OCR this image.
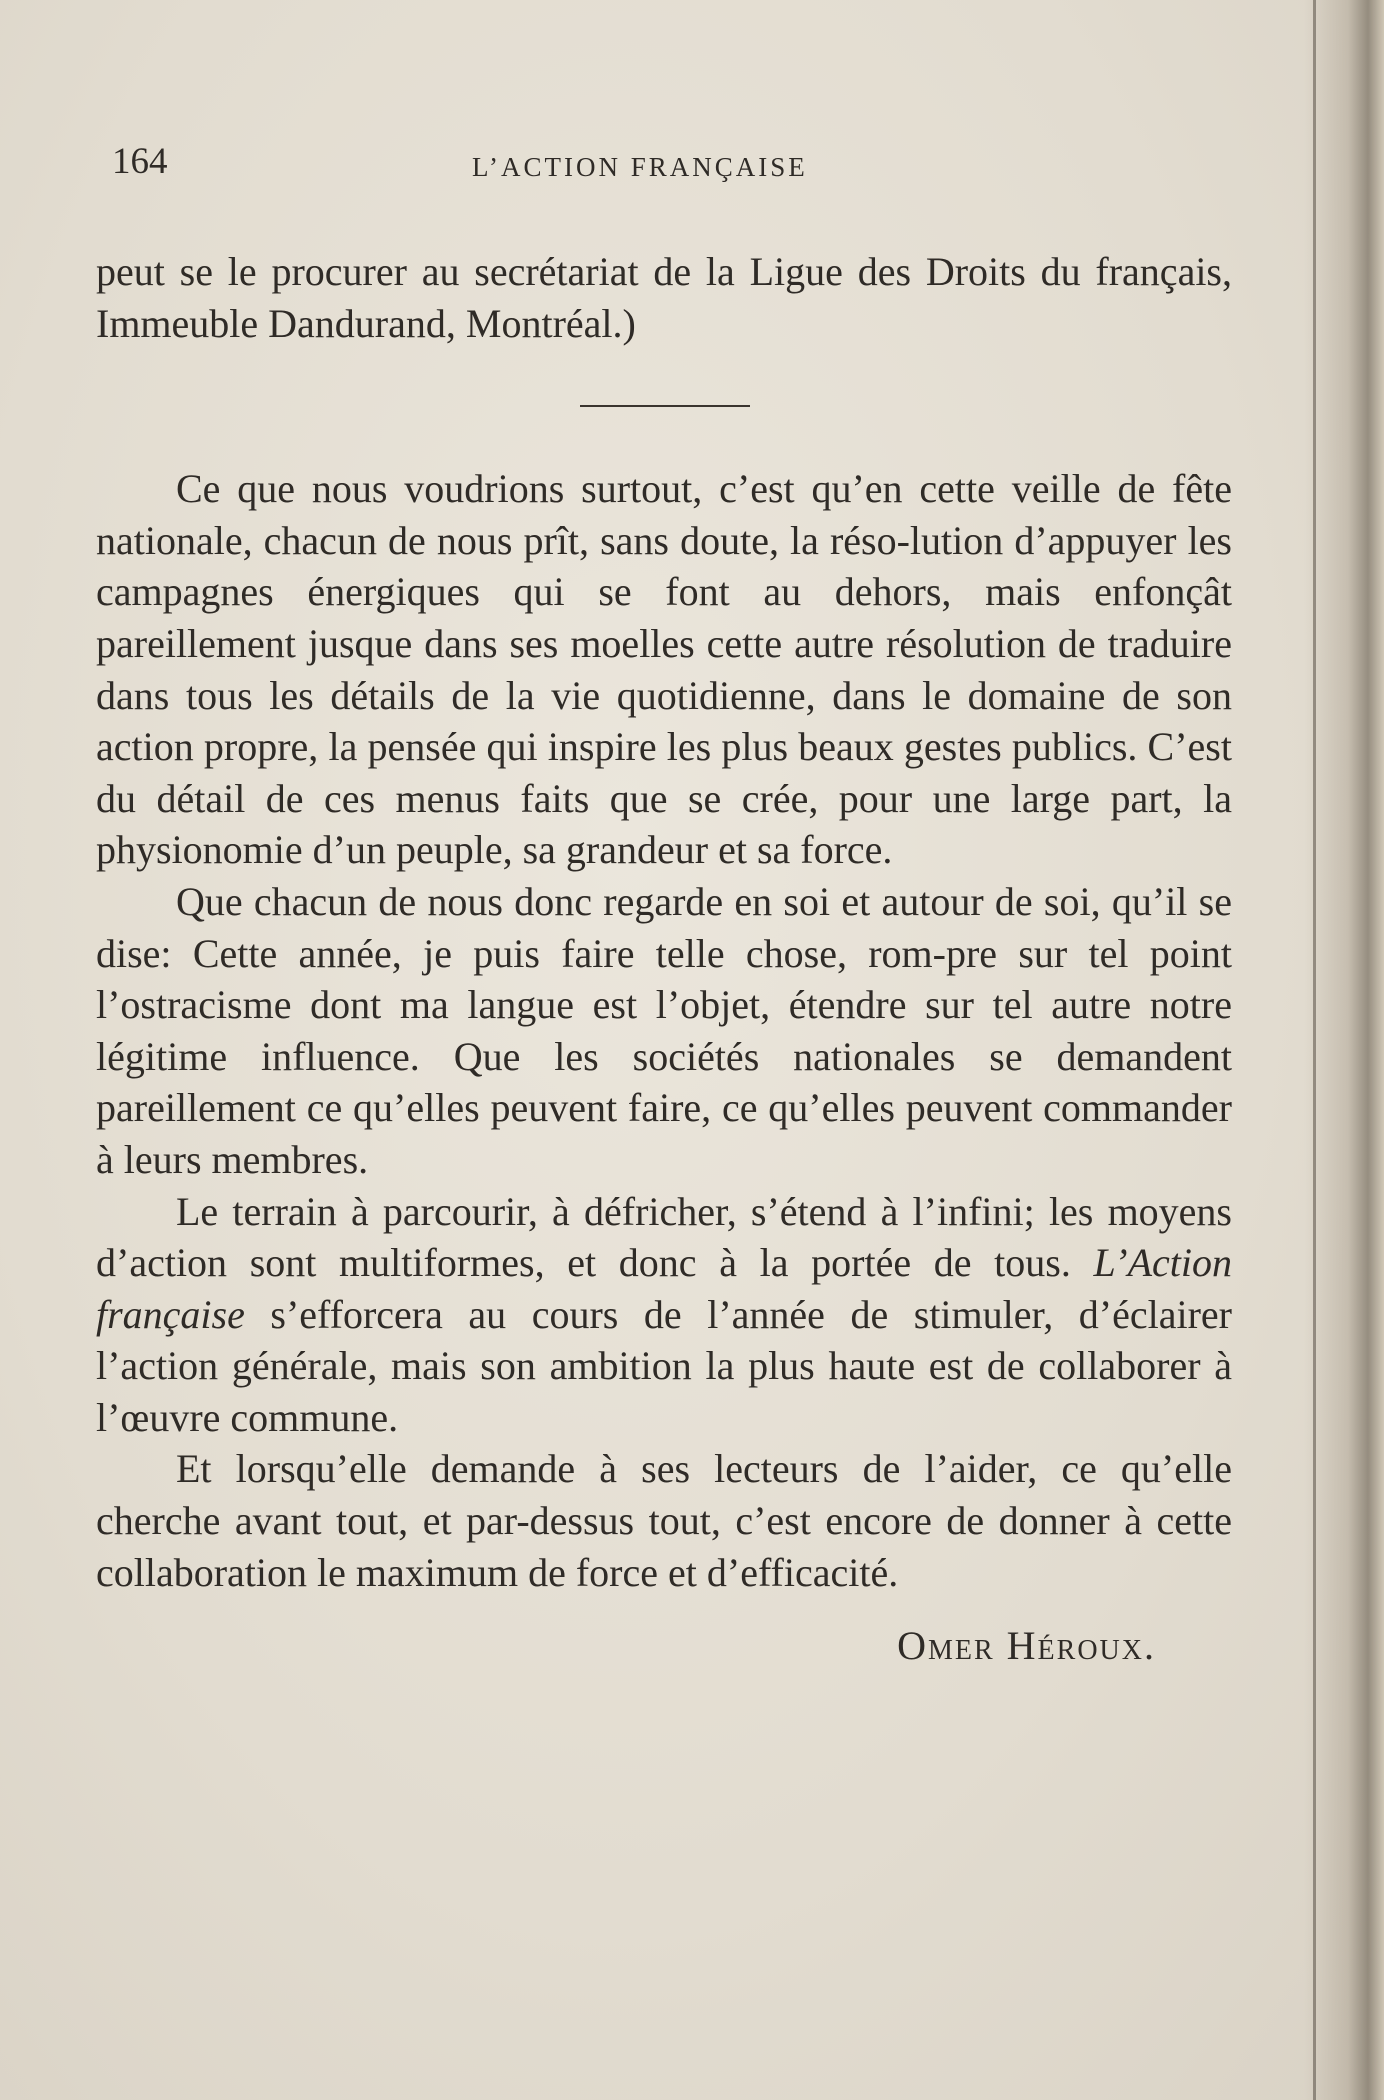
164	L’ACTION FRANÇAISE

peut se le procurer au secrétariat de la Ligue des Droits du français, Immeuble Dandurand, Montréal.)

Ce que nous voudrions surtout, c’est qu’en cette veille de fête nationale, chacun de nous prît, sans doute, la réso-lution d’appuyer les campagnes énergiques qui se font au dehors, mais enfonçât pareillement jusque dans ses moelles cette autre résolution de traduire dans tous les détails de la vie quotidienne, dans le domaine de son action propre, la pensée qui inspire les plus beaux gestes publics. C’est du détail de ces menus faits que se crée, pour une large part, la physionomie d’un peuple, sa grandeur et sa force.

Que chacun de nous donc regarde en soi et autour de soi, qu’il se dise: Cette année, je puis faire telle chose, rom-pre sur tel point l’ostracisme dont ma langue est l’objet, étendre sur tel autre notre légitime influence. Que les sociétés nationales se demandent pareillement ce qu’elles peuvent faire, ce qu’elles peuvent commander à leurs membres.

Le terrain à parcourir, à défricher, s’étend à l’infini; les moyens d’action sont multiformes, et donc à la portée de tous. L’Action française s’efforcera au cours de l’année de stimuler, d’éclairer l’action générale, mais son ambition la plus haute est de collaborer à l’œuvre commune.

Et lorsqu’elle demande à ses lecteurs de l’aider, ce qu’elle cherche avant tout, et par-dessus tout, c’est encore de donner à cette collaboration le maximum de force et d’efficacité.

Omer Héroux.
